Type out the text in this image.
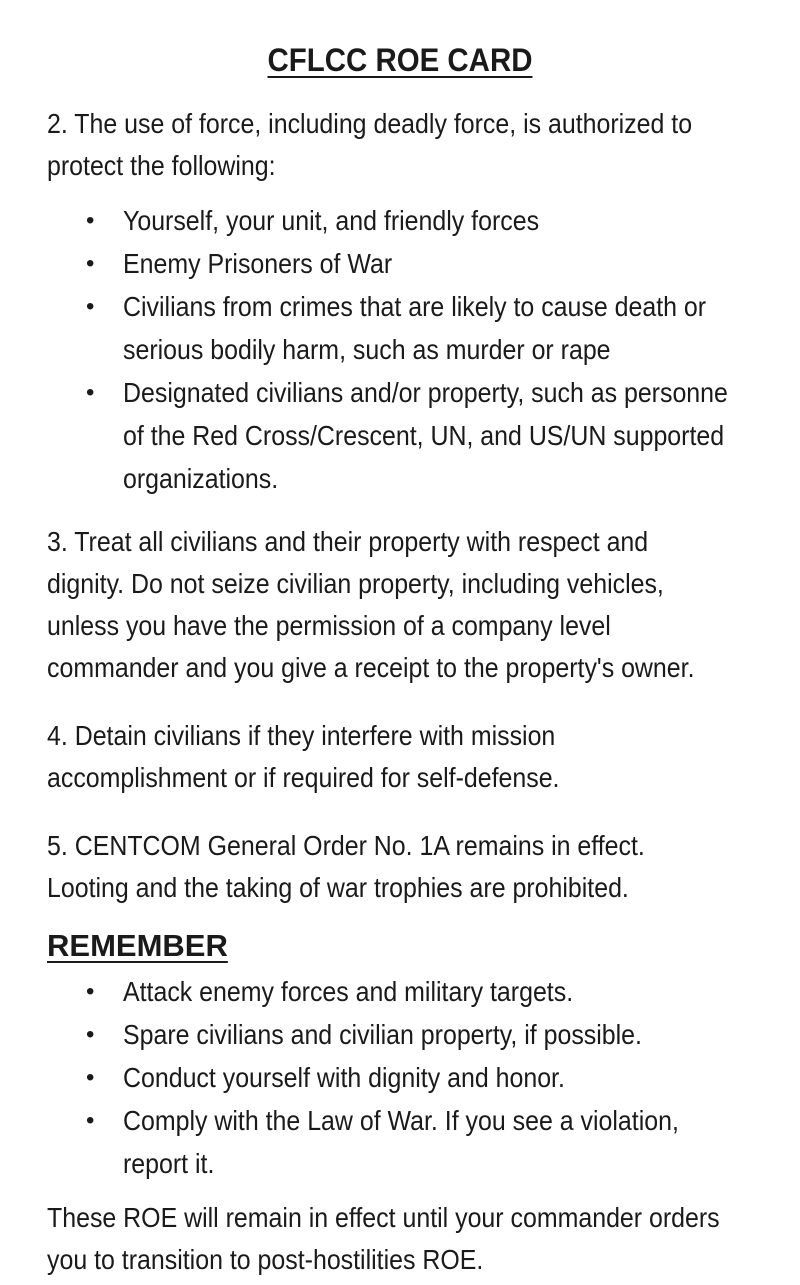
CFLCC ROE CARD
2. The use of force, including deadly force, is authorized to
protect the following:
• Yourself, your unit, and friendly forces
• Enemy Prisoners of War
• Civilians from crimes that are likely to cause death or
serious bodily harm, such as murder or rape
• Designated civilians and/or property, such as personne
of the Red Cross/Crescent, UN, and US/UN supported
organizations.
3. Treat all civilians and their property with respect and
dignity. Do not seize civilian property, including vehicles,
unless you have the permission of a company level
commander and you give a receipt to the property's owner.
4. Detain civilians if they interfere with mission
accomplishment or if required for self-defense.
5. CENTCOM General Order No. 1A remains in effect.
Looting and the taking of war trophies are prohibited.
REMEMBER
• Attack enemy forces and military targets.
• Spare civilians and civilian property, if possible.
• Conduct yourself with dignity and honor.
• Comply with the Law of War. If you see a violation,
report it.
These ROE will remain in effect until your commander orders
you to transition to post-hostilities ROE.
